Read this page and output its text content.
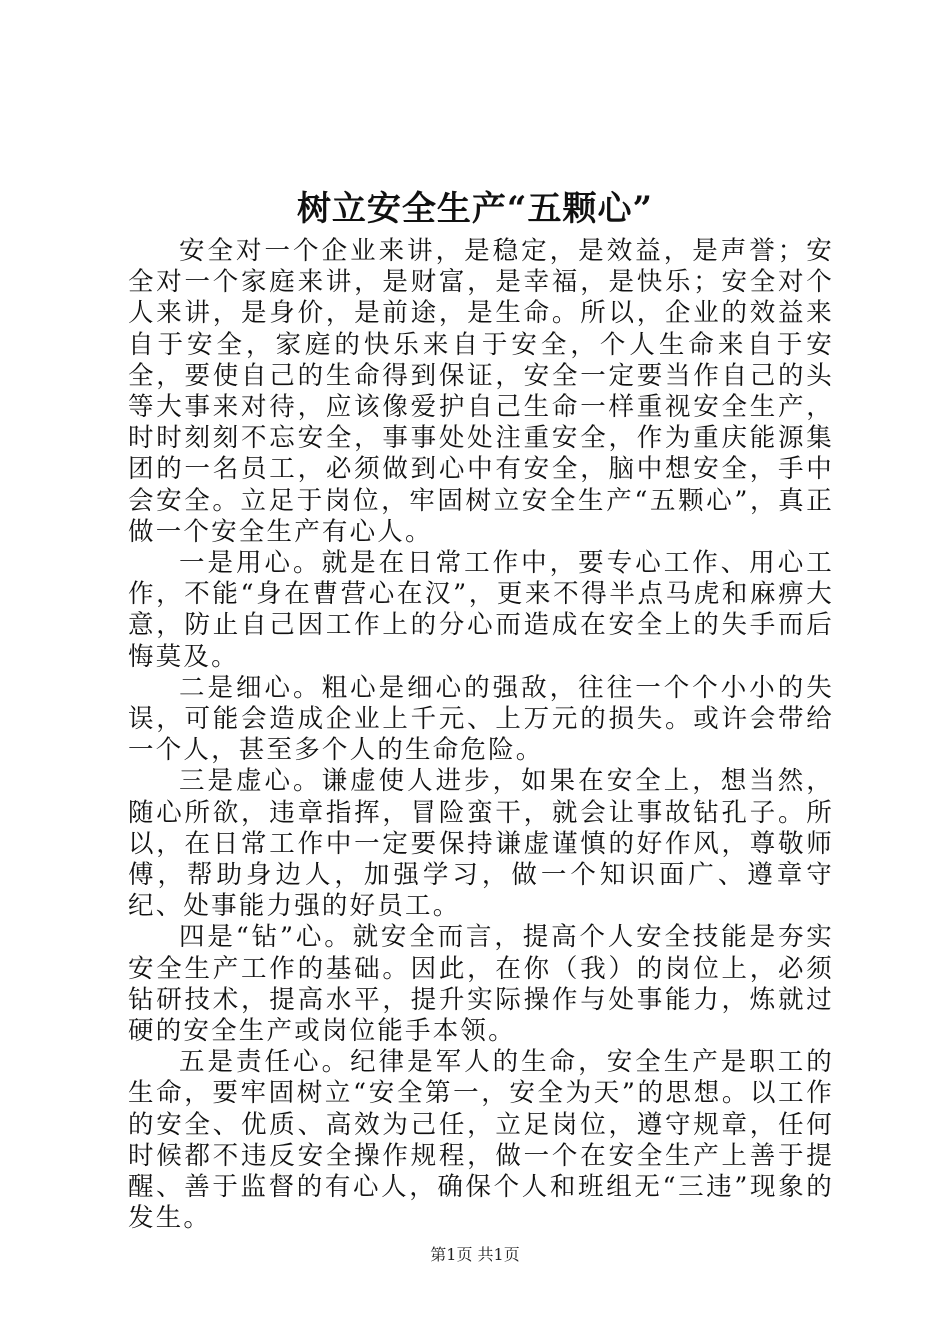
树立安全生产“五颗心”

安全对一个企业来讲，是稳定，是效益，是声誉；安全对一个家庭来讲，是财富，是幸福，是快乐；安全对个人来讲，是身价，是前途，是生命。所以，企业的效益来自于安全，家庭的快乐来自于安全，个人生命来自于安全，要使自己的生命得到保证，安全一定要当作自己的头等大事来对待，应该像爱护自己生命一样重视安全生产，时时刻刻不忘安全，事事处处注重安全，作为重庆能源集团的一名员工，必须做到心中有安全，脑中想安全，手中会安全。立足于岗位，牢固树立安全生产“五颗心”，真正做一个安全生产有心人。

一是用心。就是在日常工作中，要专心工作、用心工作，不能“身在曹营心在汉”，更来不得半点马虎和麻痹大意，防止自己因工作上的分心而造成在安全上的失手而后悔莫及。

二是细心。粗心是细心的强敌，往往一个个小小的失误，可能会造成企业上千元、上万元的损失。或许会带给一个人，甚至多个人的生命危险。

三是虚心。谦虚使人进步，如果在安全上，想当然，随心所欲，违章指挥，冒险蛮干，就会让事故钻孔子。所以，在日常工作中一定要保持谦虚谨慎的好作风，尊敬师傅，帮助身边人，加强学习，做一个知识面广、遵章守纪、处事能力强的好员工。

四是“钻”心。就安全而言，提高个人安全技能是夯实安全生产工作的基础。因此，在你（我）的岗位上，必须钻研技术，提高水平，提升实际操作与处事能力，炼就过硬的安全生产或岗位能手本领。

五是责任心。纪律是军人的生命，安全生产是职工的生命，要牢固树立“安全第一，安全为天”的思想。以工作的安全、优质、高效为己任，立足岗位，遵守规章，任何时候都不违反安全操作规程，做一个在安全生产上善于提醒、善于监督的有心人，确保个人和班组无“三违”现象的发生。

第1页 共1页
